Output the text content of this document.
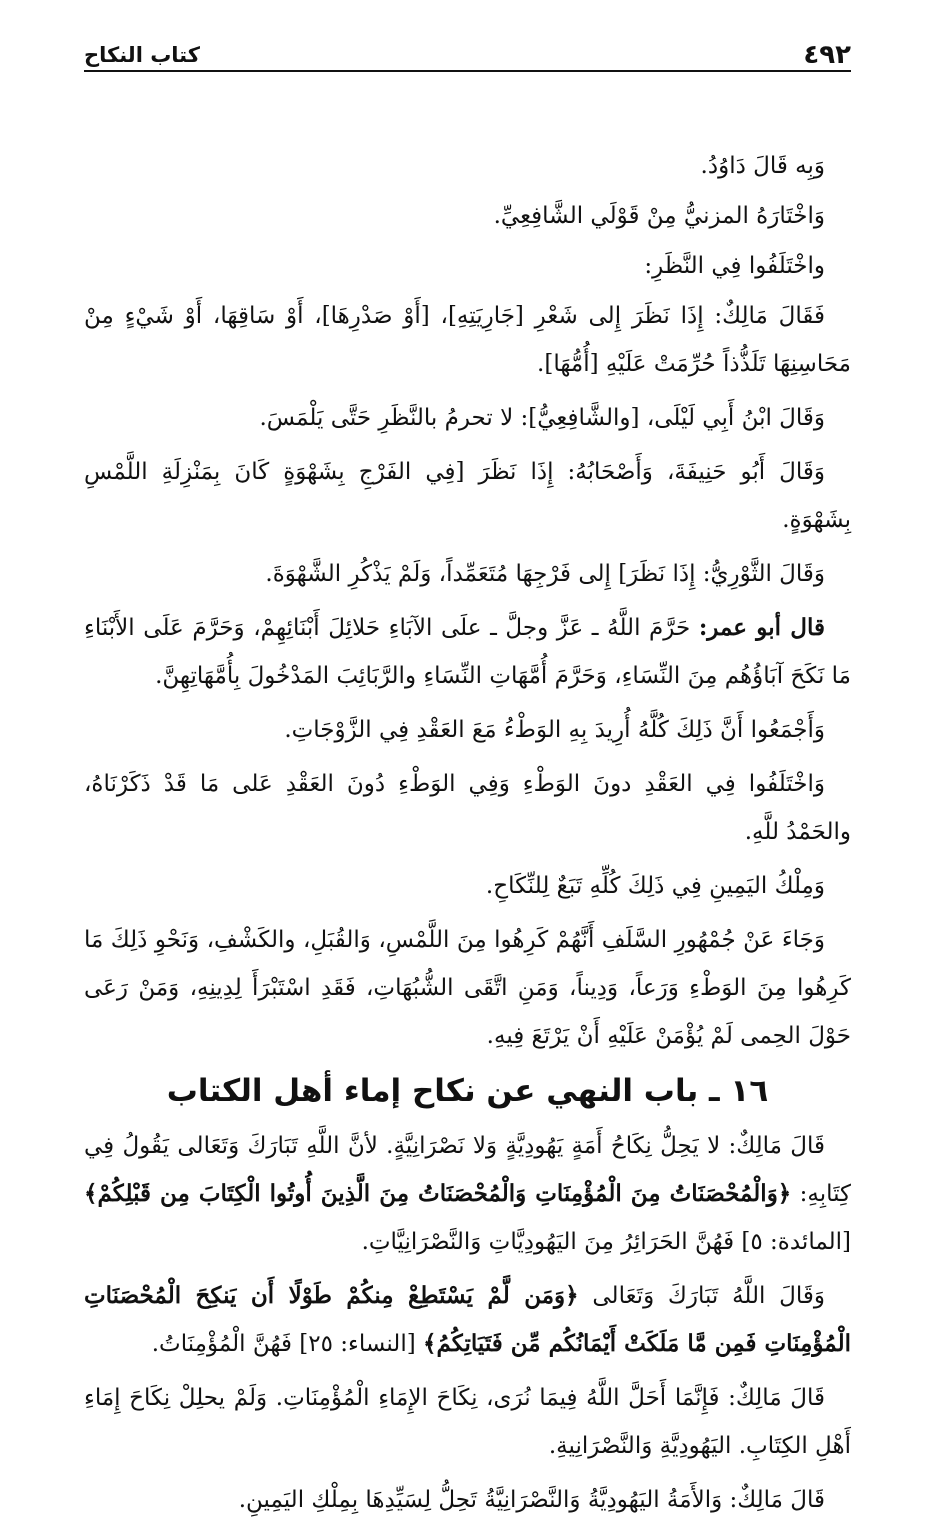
٤٩٢
كتاب النكاح

وَبِه قَالَ دَاوُدُ.

وَاخْتَارَهُ المزنيُّ مِنْ قَوْلَي الشَّافِعِيِّ.

واخْتَلَفُوا فِي النَّظَرِ:

فَقَالَ مَالِكٌ: إِذَا نَظَرَ إِلى شَعْرِ [جَارِيَتِهِ]، [أَوْ صَدْرِهَا]، أَوْ سَاقِهَا، أَوْ شَيْءٍ مِنْ مَحَاسِنِهَا تَلَذُّذاً حُرِّمَتْ عَلَيْهِ [أُمُّهَا].

وَقَالَ ابْنُ أَبِي لَيْلَى، [والشَّافِعِيُّ]: لا تحرمُ بالنَّظَرِ حَتَّى يَلْمَسَ.

وَقَالَ أَبُو حَنِيفَةَ، وَأَصْحَابُهُ: إِذَا نَظَرَ [فِي الفَرْجِ بِشَهْوَةٍ كَانَ بِمَنْزِلَةِ اللَّمْسِ بِشَهْوَةٍ.

وَقَالَ الثَّوْرِيُّ: إِذَا نَظَرَ] إِلى فَرْجِهَا مُتَعَمِّداً، وَلَمْ يَذْكُرِ الشَّهْوَةَ.

قال أبو عمر: حَرَّمَ اللَّهُ ـ عَزَّ وجلَّ ـ علَى الآبَاءِ حَلائِلَ أَبْنَائِهِمْ، وَحَرَّمَ عَلَى الأَبْنَاءِ مَا نَكَحَ آبَاؤُهُم مِنَ النِّسَاءِ، وَحَرَّمَ أُمَّهَاتِ النِّسَاءِ والرَّبَائِبَ المَدْخُولَ بِأُمَّهَاتِهِنَّ.

وَأَجْمَعُوا أَنَّ ذَلِكَ كُلَّهُ أُرِيدَ بِهِ الوَطْءُ مَعَ العَقْدِ فِي الزَّوْجَاتِ.

وَاخْتَلَفُوا فِي العَقْدِ دونَ الوَطْءِ وَفِي الوَطْءِ دُونَ العَقْدِ عَلى مَا قَدْ ذَكَرْنَاهُ، والحَمْدُ للَّهِ.

وَمِلْكُ اليَمِينِ فِي ذَلِكَ كُلِّهِ تَبَعٌ لِلنِّكَاحِ.

وَجَاءَ عَنْ جُمْهُورِ السَّلَفِ أَنَّهُمْ كَرِهُوا مِنَ اللَّمْسِ، وَالقُبَلِ، والكَشْفِ، وَنَحْوِ ذَلِكَ مَا كَرِهُوا مِنَ الوَطْءِ وَرَعاً، وَدِيناً، وَمَنِ اتَّقَى الشُّبُهَاتِ، فَقَدِ اسْتَبْرَأَ لِدِينِهِ، وَمَنْ رَعَى حَوْلَ الحِمى لَمْ يُؤْمَنْ عَلَيْهِ أَنْ يَرْتَعَ فِيهِ.

١٦ ـ باب النهي عن نكاح إماء أهل الكتاب

قَالَ مَالِكٌ: لا يَحِلُّ نِكَاحُ أَمَةٍ يَهُودِيَّةٍ وَلا نَصْرَانِيَّةٍ. لأنَّ اللَّهِ تَبَارَكَ وَتَعَالى يَقُولُ فِي كِتَابِهِ: ﴿وَالْمُحْصَنَاتُ مِنَ الْمُؤْمِنَاتِ وَالْمُحْصَنَاتُ مِنَ الَّذِينَ أُوتُوا الْكِتَابَ مِن قَبْلِكُمْ﴾ [المائدة: ٥] فَهُنَّ الحَرَائِرُ مِنَ اليَهُودِيَّاتِ وَالنَّصْرَانِيَّاتِ.

وَقَالَ اللَّهُ تَبَارَكَ وَتَعَالى ﴿وَمَن لَّمْ يَسْتَطِعْ مِنكُمْ طَوْلًا أَن يَنكِحَ الْمُحْصَنَاتِ الْمُؤْمِنَاتِ فَمِن مَّا مَلَكَتْ أَيْمَانُكُم مِّن فَتَيَاتِكُمُ﴾ [النساء: ٢٥] فَهُنَّ الْمُؤْمِنَاتُ.

قَالَ مَالِكٌ: فَإِنَّمَا أَحَلَّ اللَّهُ فِيمَا نُرَى، نِكَاحَ الإِمَاءِ الْمُؤْمِنَاتِ. وَلَمْ يحلِلْ نِكَاحَ إِمَاءِ أَهْلِ الكِتَابِ. اليَهُودِيَّةِ وَالنَّصْرَانِيةِ.

قَالَ مَالِكٌ: وَالأَمَةُ اليَهُودِيَّةُ وَالنَّصْرَانِيَّةُ تَحِلُّ لِسَيِّدِهَا بِمِلْكِ اليَمِينِ.
